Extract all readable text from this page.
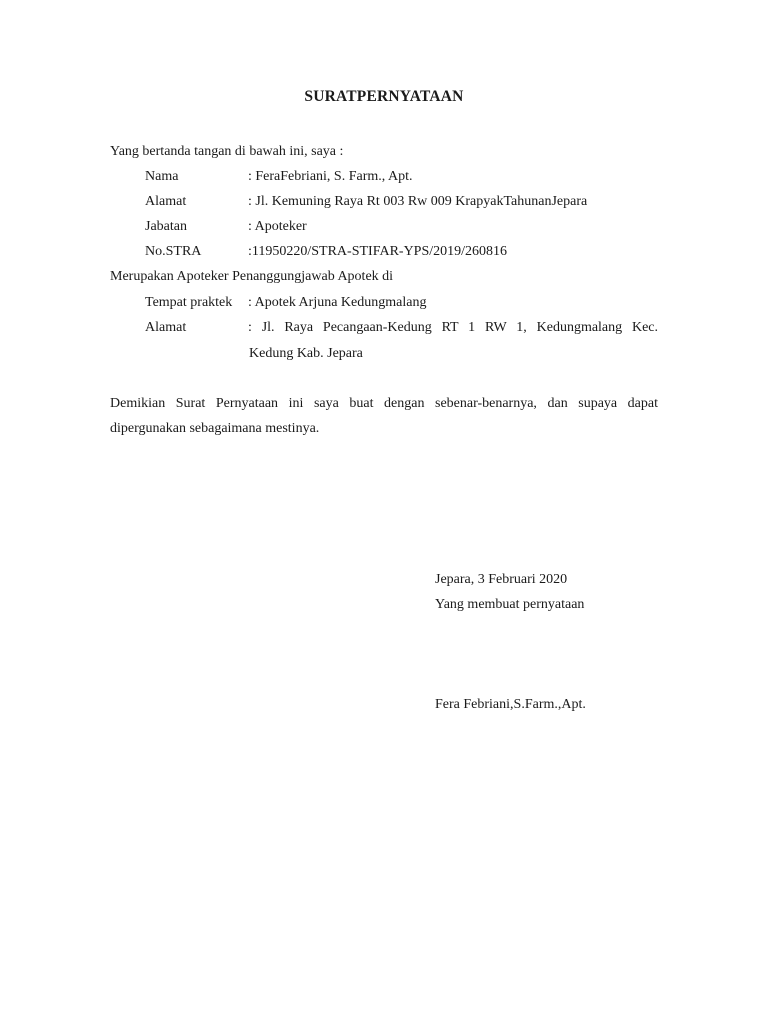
SURATPERNYATAAN
Yang bertanda tangan di bawah ini, saya :
Nama	: FeraFebriani, S. Farm., Apt.
Alamat	: Jl. Kemuning Raya Rt 003 Rw 009 KrapyakTahunanJepara
Jabatan	: Apoteker
No.STRA	:11950220/STRA-STIFAR-YPS/2019/260816
Merupakan Apoteker Penanggungjawab Apotek di
Tempat praktek : Apotek Arjuna Kedungmalang
Alamat	: Jl. Raya Pecangaan-Kedung RT 1 RW 1, Kedungmalang Kec.
Kedung Kab. Jepara
Demikian Surat Pernyataan ini saya buat dengan sebenar-benarnya, dan supaya dapat
dipergunakan sebagaimana mestinya.
Jepara, 3 Februari 2020
Yang membuat pernyataan
Fera Febriani,S.Farm.,Apt.
